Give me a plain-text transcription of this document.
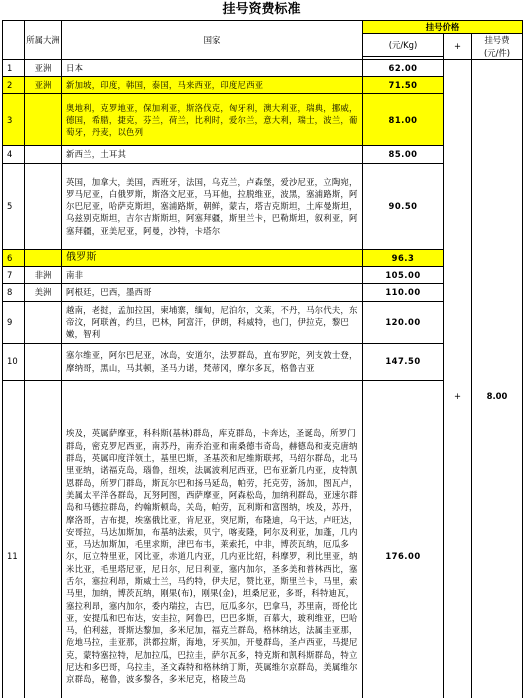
挂号资费标准
	所属大洲	国家	挂号价格		
			(元/Kg)	+	挂号费
(元/件)

1	亚洲	日本	62.00	+	8.00
2	亚洲	新加坡，印度，韩国，泰国，马来西亚，印度尼西亚	71.50		
3		奥地利，克罗地亚，保加利亚，斯洛伐克，匈牙利，澳大利亚，瑞典，挪威，德国，希腊，捷克，芬兰，荷兰，比利时，爱尔兰，意大利，瑞士，波兰，葡萄牙，丹麦，以色列	81.00		
4		新西兰，土耳其	85.00		
5		英国，加拿大，美国，西班牙，法国，乌克兰，卢森堡，爱沙尼亚，立陶宛，罗马尼亚，白俄罗斯，斯洛文尼亚，马耳他，拉脱维亚，波黑，塞浦路斯，阿尔巴尼亚，哈萨克斯坦，塞浦路斯，朝鲜，蒙古，塔吉克斯坦，土库曼斯坦，乌兹别克斯坦，吉尔吉斯斯坦，阿塞拜疆，斯里兰卡，巴勒斯坦，叙利亚，阿塞拜疆，亚美尼亚，阿曼，沙特，卡塔尔	90.50		
6		俄罗斯	96.3		
7	非洲	南非	105.00		
8	美洲	阿根廷，巴西，墨西哥	110.00		
9		越南，老挝，孟加拉国，柬埔寨，缅甸，尼泊尔，文莱，不丹，马尔代夫，东帝汶，阿联酋，约旦，巴林，阿富汗，伊朗，科威特，也门，伊拉克，黎巴嫩，智利	120.00		
10		塞尔维亚，阿尔巴尼亚，冰岛，安道尔，法罗群岛，直布罗陀，列支敦士登，摩纳哥，黑山，马其顿，圣马力诺，梵蒂冈，摩尔多瓦，格鲁吉亚	147.50		
11		埃及，英属萨摩亚，科科斯(基林)群岛，库克群岛，卡奔达，圣诞岛，所罗门群岛，密克罗尼西亚，南苏丹，南乔治亚和南桑德韦奇岛，赫德岛和麦克唐纳群岛，英属印度洋领土，基里巴斯，圣基茨和尼维斯联邦，马绍尔群岛，北马里亚纳，诺福克岛，瑙鲁，纽埃，法属波利尼西亚，巴布亚新几内亚，皮特凯恩群岛，所罗门群岛，斯瓦尔巴和扬马延岛，帕劳，托克劳，汤加，图瓦卢，美属太平洋各群岛，瓦努阿图，西萨摩亚，阿森松岛，加纳利群岛，亚速尔群岛和马德拉群岛，约翰斯顿岛，关岛，帕劳，瓦利斯和富图纳，埃及，苏丹，摩洛哥，吉布提，埃塞俄比亚，肯尼亚，突尼斯，布隆迪，乌干达，卢旺达，安哥拉，马达加斯加，布基纳法索，贝宁，喀麦隆，阿尔及利亚，加蓬，几内亚，马达加斯加，毛里求斯，津巴布韦，莱索托，中非，博茨瓦纳，厄瓜多尔，厄立特里亚，冈比亚，赤道几内亚，几内亚比绍，科摩罗，利比里亚，纳米比亚，毛里塔尼亚，尼日尔，尼日利亚，塞内加尔，圣多美和普林西比，塞舌尔，塞拉利昂，斯威士兰，马约特，伊夫尼，赞比亚，斯里兰卡，马里，索马里，加纳，博茨瓦纳，刚果(布)，刚果(金)，坦桑尼亚，多哥，科特迪瓦，塞拉利昂，塞内加尔，委内瑞拉，古巴，厄瓜多尔，巴拿马，苏里南，哥伦比亚，安提瓜和巴布达，安圭拉，阿鲁巴，巴巴多斯，百慕大，玻利维亚，巴哈马，伯利兹，哥斯达黎加，多米尼加，福克兰群岛，格林纳达，法属圭亚那，危地马拉，圭亚那，洪都拉斯，海地，牙买加，开曼群岛，圣卢西亚，马提尼克，蒙特塞拉特，尼加拉瓜，巴拉圭，萨尔瓦多，特克斯和凯科斯群岛，特立尼达和多巴哥，乌拉圭，圣文森特和格林纳丁斯，英属维尔京群岛，美属维尔京群岛，秘鲁，波多黎各，多米尼克，格陵兰岛	176.00		
